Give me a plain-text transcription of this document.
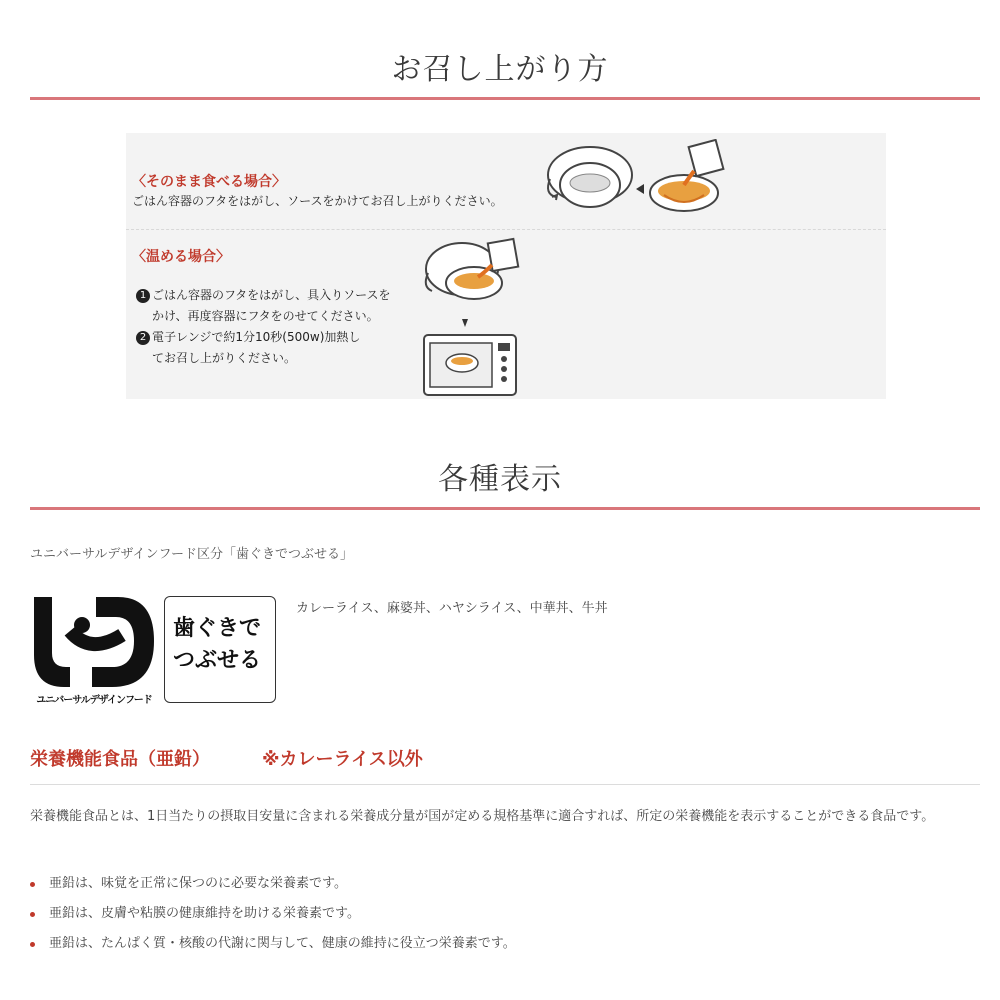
お召し上がり方
〈そのまま食べる場合〉
ごはん容器のフタをはがし、ソースをかけてお召し上がりください。
〈温める場合〉
1 ごはん容器のフタをはがし、具入りソースを
かけ、再度容器にフタをのせてください。
2 電子レンジで約1分10秒(500w)加熱し
てお召し上がりください。
各種表示
ユニバーサルデザインフード区分「歯ぐきでつぶせる」
ユニバーサルデザインフード
歯ぐきで
つぶせる
カレーライス、麻婆丼、ハヤシライス、中華丼、牛丼
栄養機能食品（亜鉛）	※カレーライス以外
栄養機能食品とは、1日当たりの摂取目安量に含まれる栄養成分量が国が定める規格基準に適合すれば、所定の栄養機能を表示することができる食品です。
亜鉛は、味覚を正常に保つのに必要な栄養素です。
亜鉛は、皮膚や粘膜の健康維持を助ける栄養素です。
亜鉛は、たんぱく質・核酸の代謝に関与して、健康の維持に役立つ栄養素です。
